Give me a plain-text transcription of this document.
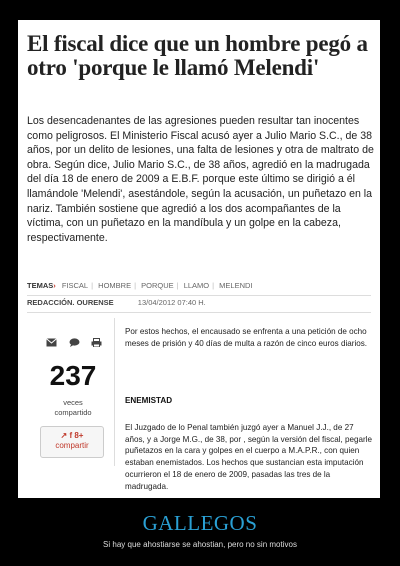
El fiscal dice que un hombre pegó a otro 'porque le llamó Melendi'

Los desencadenantes de las agresiones pueden resultar tan inocentes como peligrosos. El Ministerio Fiscal acusó ayer a Julio Mario S.C., de 38 años, por un delito de lesiones, una falta de lesiones y otra de maltrato de obra. Según dice, Julio Mario S.C., de 38 años, agredió en la madrugada del día 18 de enero de 2009 a E.B.F. porque este último se dirigió a él llamándole 'Melendi', asestándole, según la acusación, un puñetazo en la nariz. También sostiene que agredió a los dos acompañantes de la víctima, con un puñetazo en la mandíbula y un golpe en la cabeza, respectivamente.

TEMAS› FISCAL | HOMBRE | PORQUE | LLAMO | MELENDI
REDACCIÓN. OURENSE	13/04/2012 07:40 H.
237
veces
compartido
↗ f 8+
compartir

Por estos hechos, el encausado se enfrenta a una petición de ocho meses de prisión y 40 días de multa a razón de cinco euros diarios.

ENEMISTAD

El Juzgado de lo Penal también juzgó ayer a Manuel J.J., de 27 años, y a Jorge M.G., de 38, por , según la versión del fiscal, pegarle puñetazos en la cara y golpes en el cuerpo a M.A.P.R., con quien estaban enemistados. Los hechos que sustancian esta imputación ocurrieron el 18 de enero de 2009, pasadas las tres de la madrugada.

GALLEGOS
Si hay que ahostiarse se ahostian, pero no sin motivos
